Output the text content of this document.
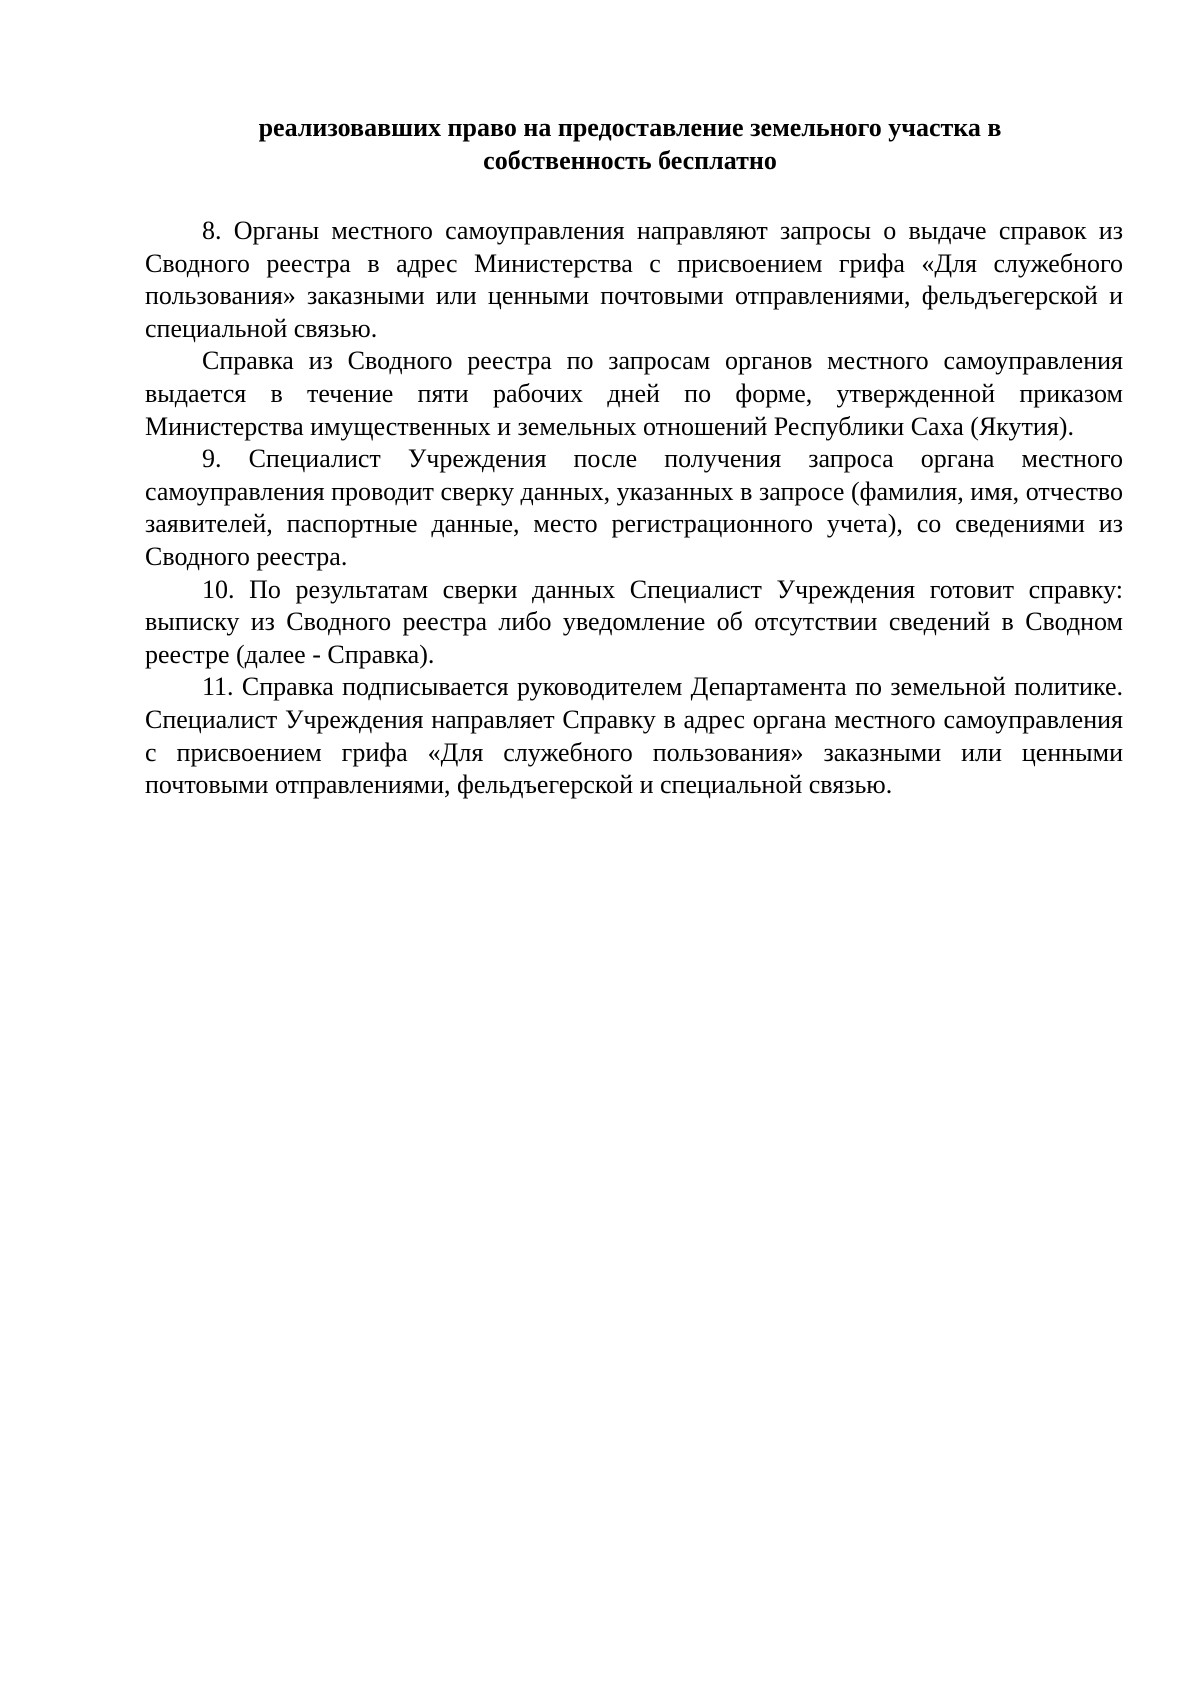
реализовавших право на предоставление земельного участка в
собственность бесплатно

8. Органы местного самоуправления направляют запросы о выдаче справок из Сводного реестра в адрес Министерства с присвоением грифа «Для служебного пользования» заказными или ценными почтовыми отправлениями, фельдъегерской и специальной связью.

Справка из Сводного реестра по запросам органов местного самоуправления выдается в течение пяти рабочих дней по форме, утвержденной приказом Министерства имущественных и земельных отношений Республики Саха (Якутия).

9. Специалист Учреждения после получения запроса органа местного самоуправления проводит сверку данных, указанных в запросе (фамилия, имя, отчество заявителей, паспортные данные, место регистрационного учета), со сведениями из Сводного реестра.

10. По результатам сверки данных Специалист Учреждения готовит справку: выписку из Сводного реестра либо уведомление об отсутствии сведений в Сводном реестре (далее - Справка).

11. Справка подписывается руководителем Департамента по земельной политике. Специалист Учреждения направляет Справку в адрес органа местного самоуправления с присвоением грифа «Для служебного пользования» заказными или ценными почтовыми отправлениями, фельдъегерской и специальной связью.
